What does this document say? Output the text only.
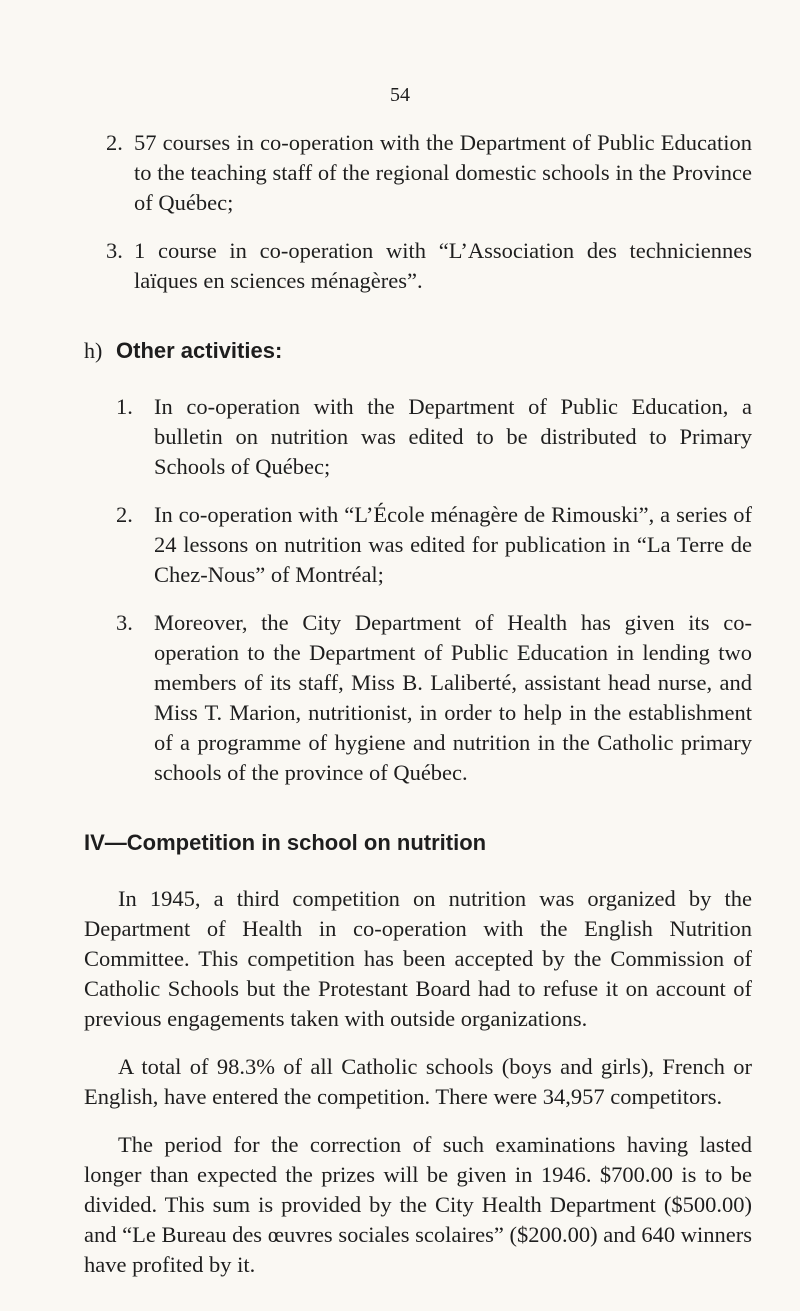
54
2. 57 courses in co-operation with the Department of Public Education to the teaching staff of the regional domestic schools in the Province of Québec;
3. 1 course in co-operation with “L’Association des techniciennes laïques en sciences ménagères”.
h) Other activities:
1. In co-operation with the Department of Public Education, a bulletin on nutrition was edited to be distributed to Primary Schools of Québec;
2. In co-operation with “L’École ménagère de Rimouski”, a series of 24 lessons on nutrition was edited for publication in “La Terre de Chez-Nous” of Montréal;
3. Moreover, the City Department of Health has given its co-operation to the Department of Public Education in lending two members of its staff, Miss B. Laliberté, assistant head nurse, and Miss T. Marion, nutritionist, in order to help in the establishment of a programme of hygiene and nutrition in the Catholic primary schools of the province of Québec.
IV—Competition in school on nutrition
In 1945, a third competition on nutrition was organized by the Department of Health in co-operation with the English Nutrition Committee. This competition has been accepted by the Commission of Catholic Schools but the Protestant Board had to refuse it on account of previous engagements taken with outside organizations.
A total of 98.3% of all Catholic schools (boys and girls), French or English, have entered the competition. There were 34,957 competitors.
The period for the correction of such examinations having lasted longer than expected the prizes will be given in 1946. $700.00 is to be divided. This sum is provided by the City Health Department ($500.00) and “Le Bureau des œuvres sociales scolaires” ($200.00) and 640 winners have profited by it.
